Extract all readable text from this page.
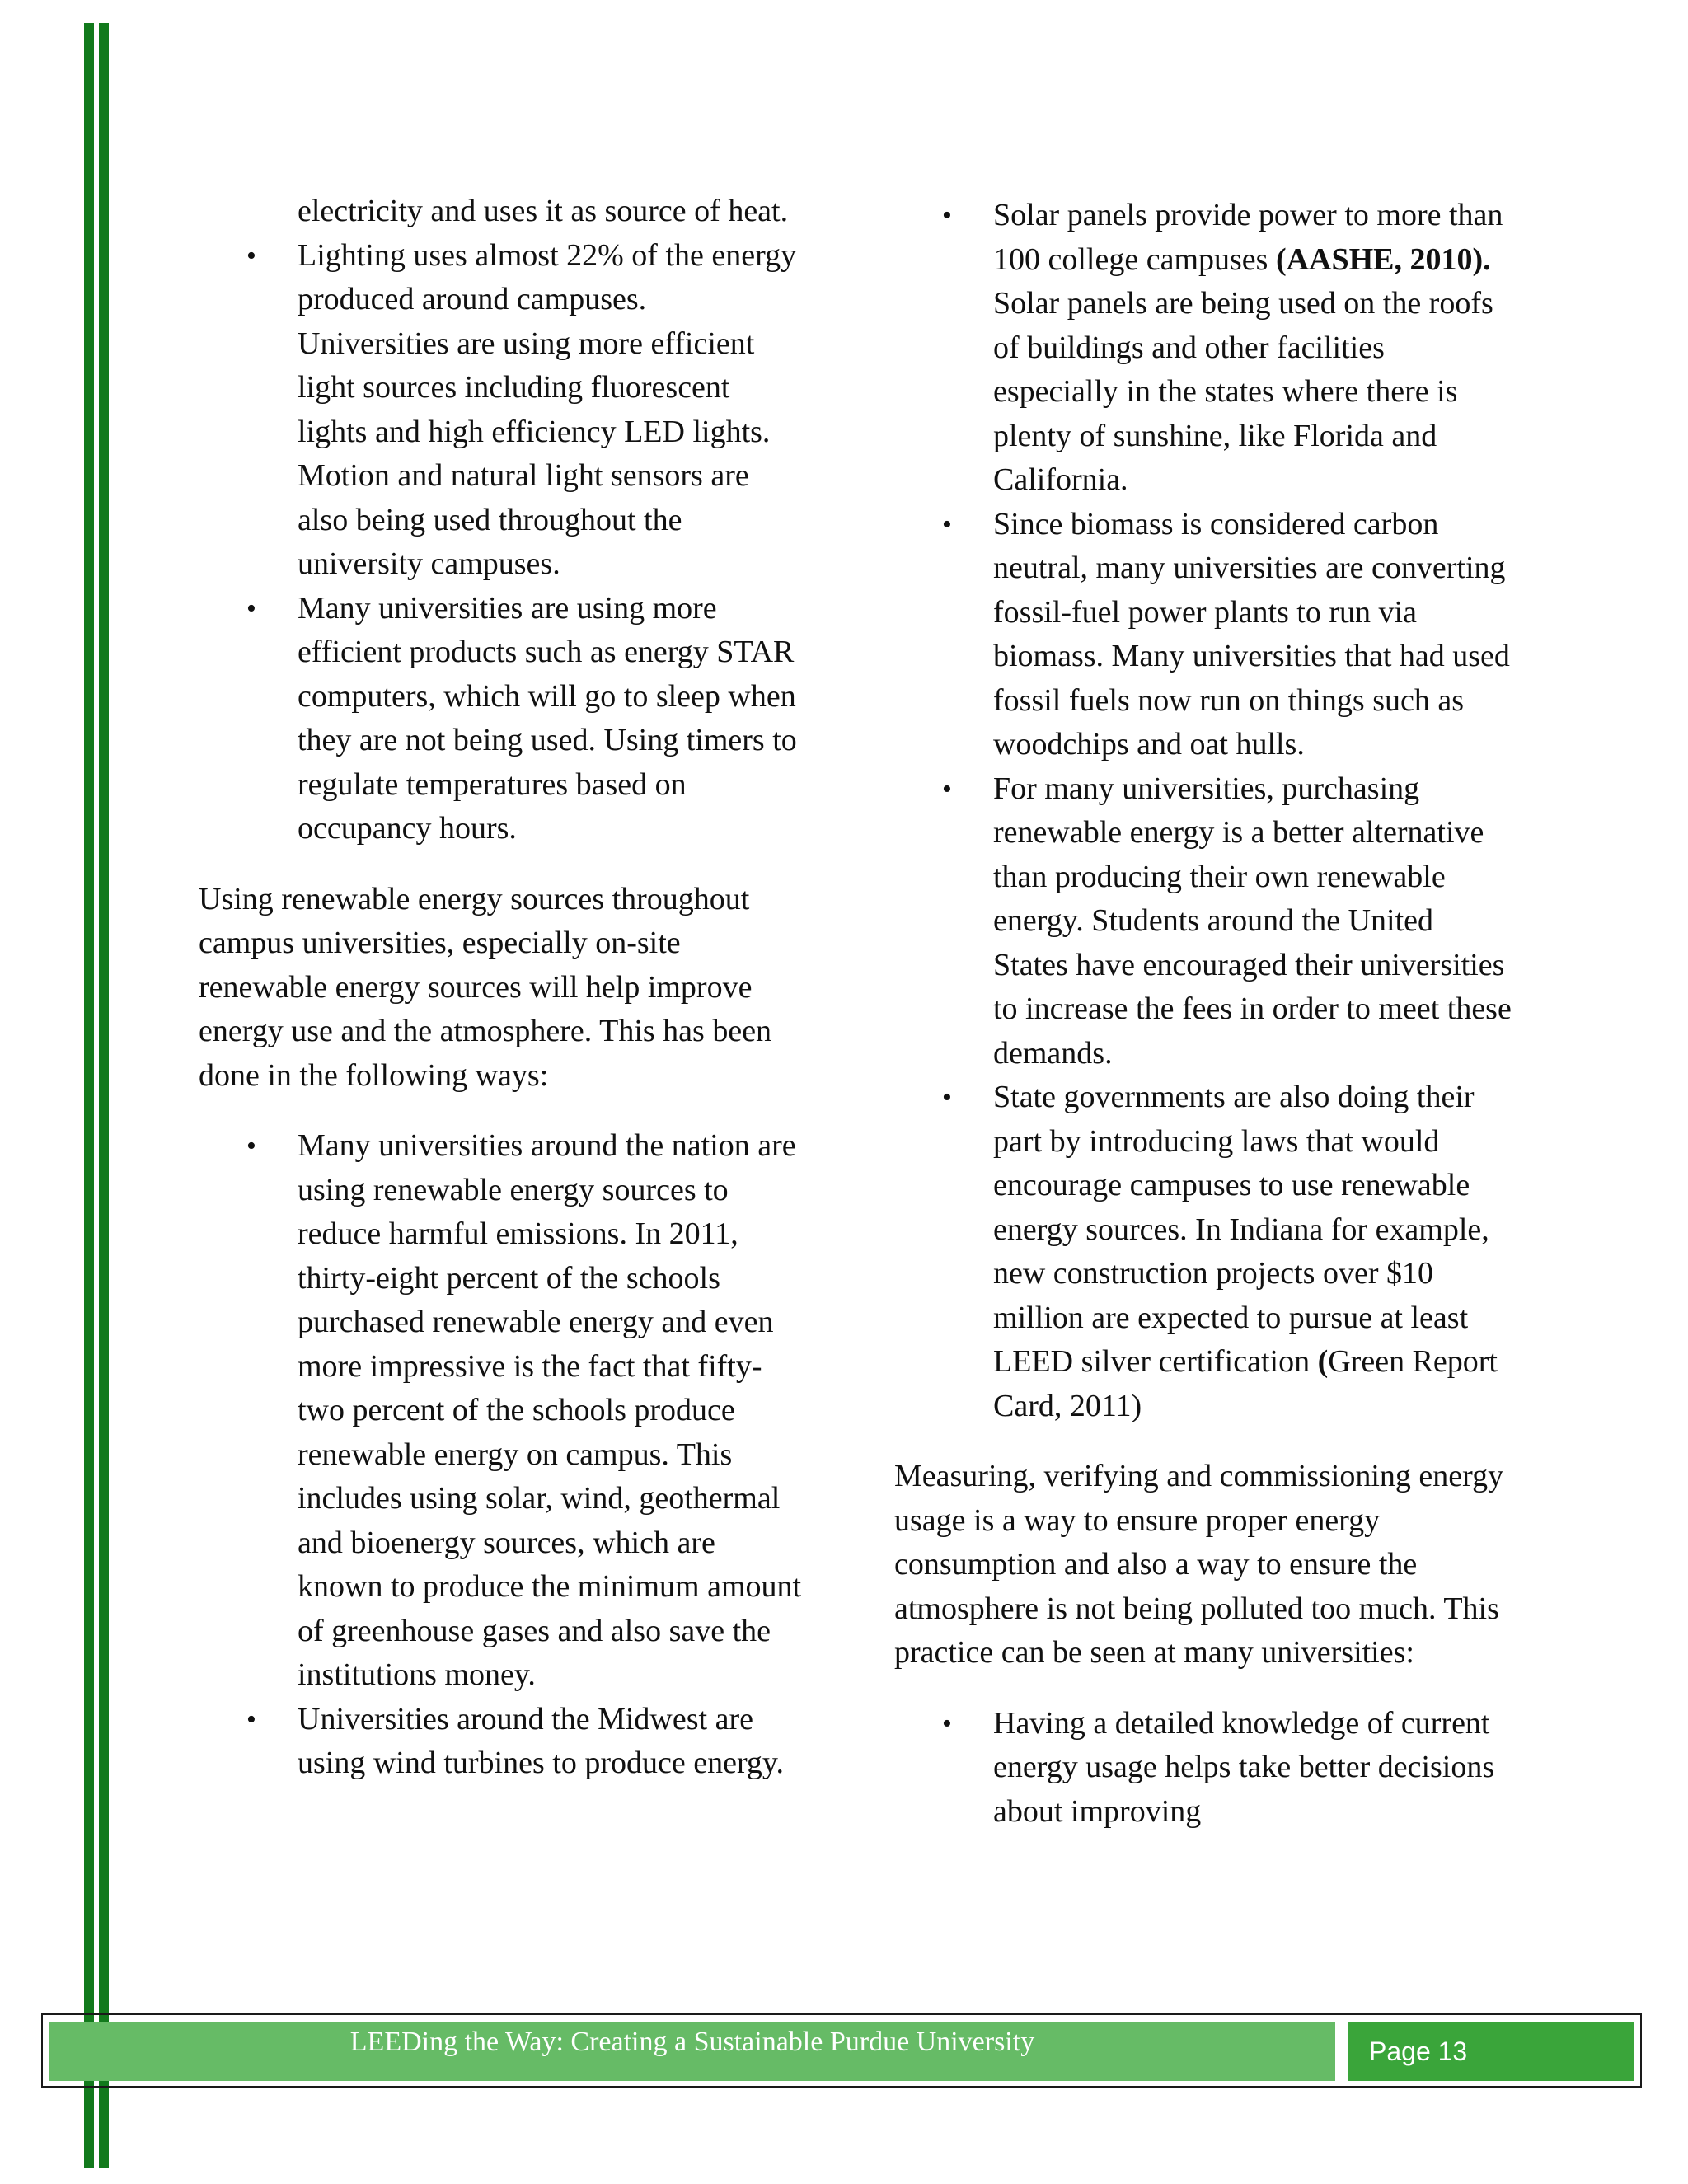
electricity and uses it as source of heat.
• Lighting uses almost 22% of the energy produced around campuses. Universities are using more efficient light sources including fluorescent lights and high efficiency LED lights. Motion and natural light sensors are also being used throughout the university campuses.
• Many universities are using more efficient products such as energy STAR computers, which will go to sleep when they are not being used. Using timers to regulate temperatures based on occupancy hours.

Using renewable energy sources throughout campus universities, especially on-site renewable energy sources will help improve energy use and the atmosphere. This has been done in the following ways:

• Many universities around the nation are using renewable energy sources to reduce harmful emissions. In 2011, thirty-eight percent of the schools purchased renewable energy and even more impressive is the fact that fifty-two percent of the schools produce renewable energy on campus. This includes using solar, wind, geothermal and bioenergy sources, which are known to produce the minimum amount of greenhouse gases and also save the institutions money.
• Universities around the Midwest are using wind turbines to produce energy.
• Solar panels provide power to more than 100 college campuses (AASHE, 2010). Solar panels are being used on the roofs of buildings and other facilities especially in the states where there is plenty of sunshine, like Florida and California.
• Since biomass is considered carbon neutral, many universities are converting fossil-fuel power plants to run via biomass. Many universities that had used fossil fuels now run on things such as woodchips and oat hulls.
• For many universities, purchasing renewable energy is a better alternative than producing their own renewable energy. Students around the United States have encouraged their universities to increase the fees in order to meet these demands.
• State governments are also doing their part by introducing laws that would encourage campuses to use renewable energy sources. In Indiana for example, new construction projects over $10 million are expected to pursue at least LEED silver certification (Green Report Card, 2011)

Measuring, verifying and commissioning energy usage is a way to ensure proper energy consumption and also a way to ensure the atmosphere is not being polluted too much. This practice can be seen at many universities:

• Having a detailed knowledge of current energy usage helps take better decisions about improving
LEEDing the Way: Creating a Sustainable Purdue University	Page 13
